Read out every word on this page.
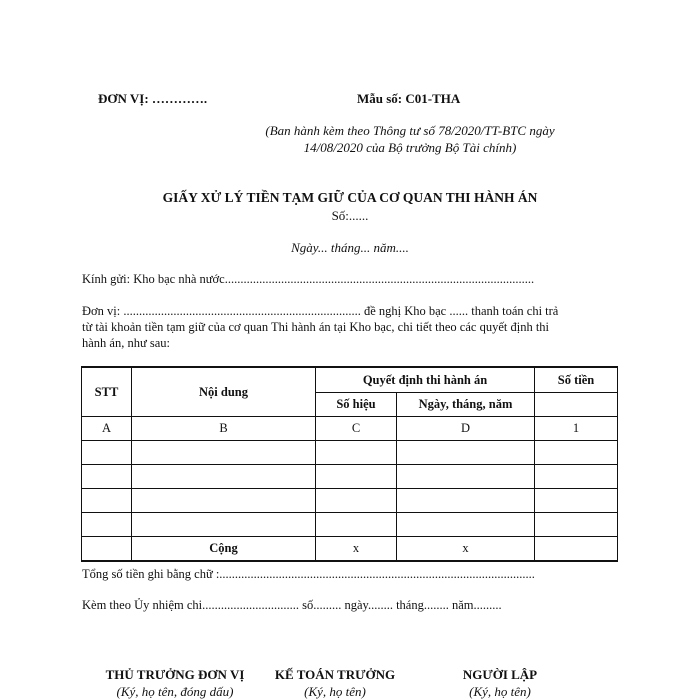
ĐƠN VỊ: ………….	Mẫu số: C01-THA
(Ban hành kèm theo Thông tư số 78/2020/TT-BTC ngày
14/08/2020 của Bộ trưởng Bộ Tài chính)
GIẤY XỬ LÝ TIỀN TẠM GIỮ CỦA CƠ QUAN THI HÀNH ÁN
Số:......
Ngày... tháng... năm....
Kính gửi: Kho bạc nhà nước...................................................................................................
Đơn vị: ............................................................................ đề nghị Kho bạc ...... thanh toán chi trả
từ tài khoản tiền tạm giữ của cơ quan Thi hành án tại Kho bạc, chi tiết theo các quyết định thi
hành án, như sau:
STT	Nội dung	Quyết định thi hành án		Số tiền
		Số hiệu	Ngày, tháng, năm	
A	B	C	D	1

	Cộng	x	x	
Tổng số tiền ghi bằng chữ :.....................................................................................................
Kèm theo Ủy nhiệm chi............................... số......... ngày........ tháng........ năm.........
THỦ TRƯỞNG ĐƠN VỊ
(Ký, họ tên, đóng dấu)
KẾ TOÁN TRƯỞNG
(Ký, họ tên)
NGƯỜI LẬP
(Ký, họ tên)
